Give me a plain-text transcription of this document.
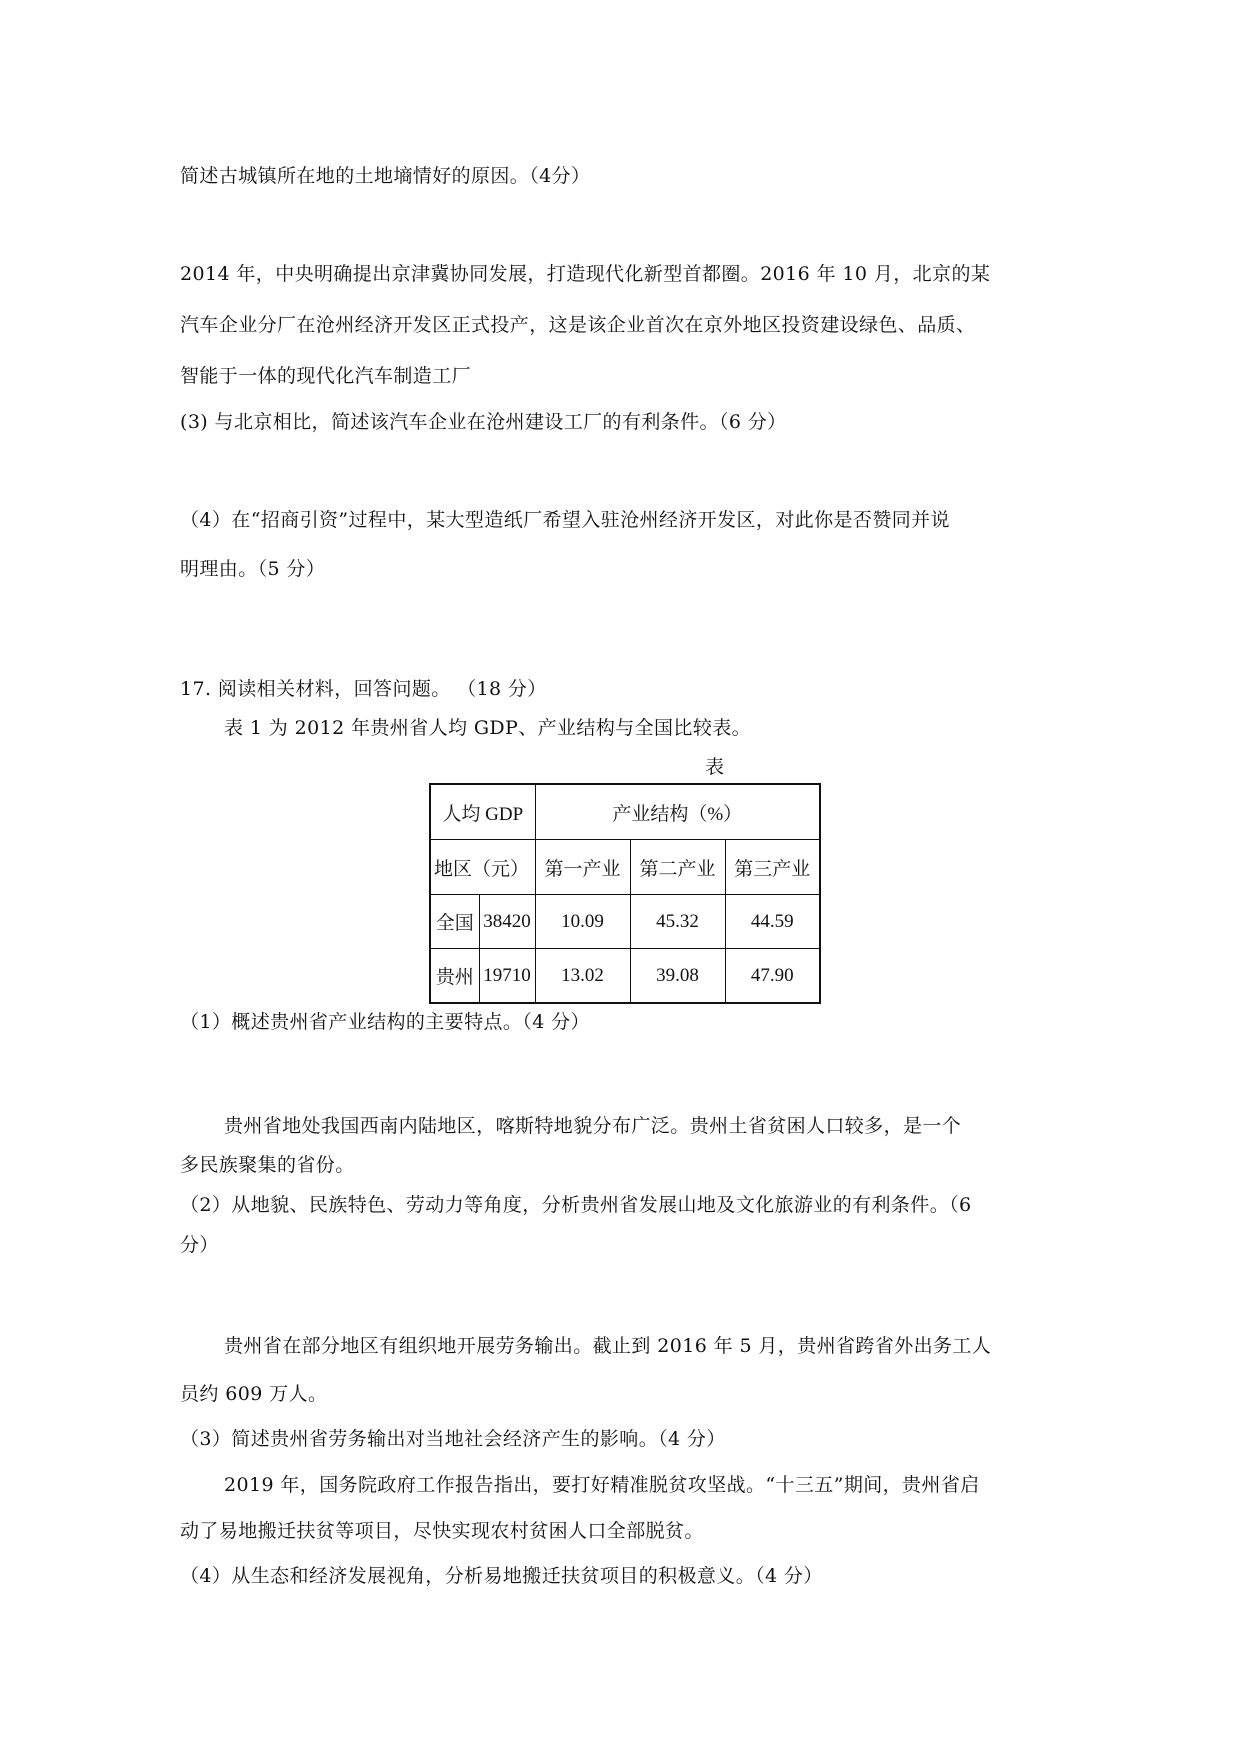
简述古城镇所在地的土地墒情好的原因。（4分）
2014 年，中央明确提出京津冀协同发展，打造现代化新型首都圈。2016 年 10 月，北京的某
汽车企业分厂在沧州经济开发区正式投产，这是该企业首次在京外地区投资建设绿色、品质、
智能于一体的现代化汽车制造工厂
(3) 与北京相比，简述该汽车企业在沧州建设工厂的有利条件。（6 分）
（4）在“招商引资”过程中，某大型造纸厂希望入驻沧州经济开发区，对此你是否赞同并说
明理由。（5 分）
17. 阅读相关材料，回答问题。 （18 分）
表 1 为 2012 年贵州省人均 GDP、产业结构与全国比较表。
表
人均 GDP		产业结构（%）		
地区（元）		第一产业	第二产业	第三产业
全国	38420	10.09	45.32	44.59
贵州	19710	13.02	39.08	47.90
（1）概述贵州省产业结构的主要特点。（4 分）
贵州省地处我国西南内陆地区，喀斯特地貌分布广泛。贵州土省贫困人口较多，是一个
多民族聚集的省份。
（2）从地貌、民族特色、劳动力等角度，分析贵州省发展山地及文化旅游业的有利条件。（6
分）
贵州省在部分地区有组织地开展劳务输出。截止到 2016 年 5 月，贵州省跨省外出务工人
员约 609 万人。
（3）简述贵州省劳务输出对当地社会经济产生的影响。（4 分）
2019 年，国务院政府工作报告指出，要打好精准脱贫攻坚战。“十三五”期间，贵州省启
动了易地搬迁扶贫等项目，尽快实现农村贫困人口全部脱贫。
（4）从生态和经济发展视角，分析易地搬迁扶贫项目的积极意义。（4 分）
